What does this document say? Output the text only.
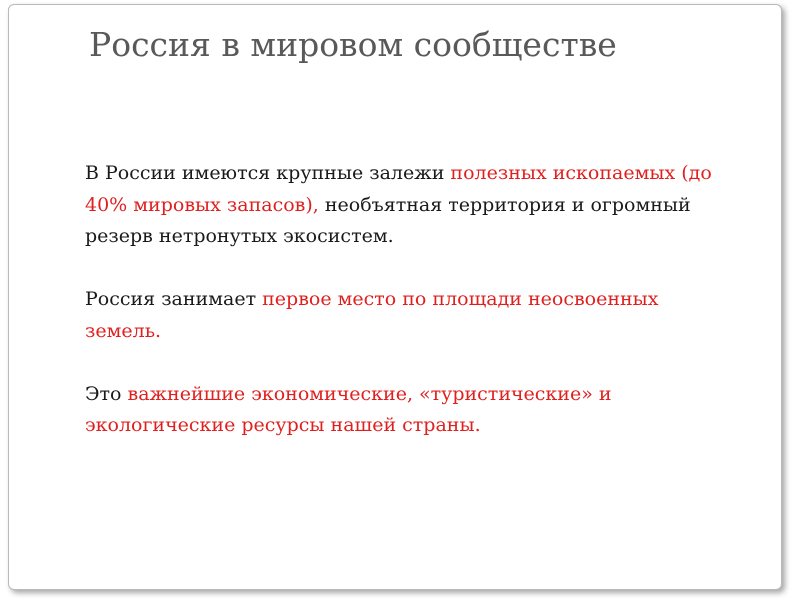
Россия в мировом сообществе

В России имеются крупные залежи полезных ископаемых (до 40% мировых запасов), необъятная территория и огромный резерв нетронутых экосистем.

Россия занимает первое место по площади неосвоенных земель.

Это важнейшие экономические, «туристические» и экологические ресурсы нашей страны.
